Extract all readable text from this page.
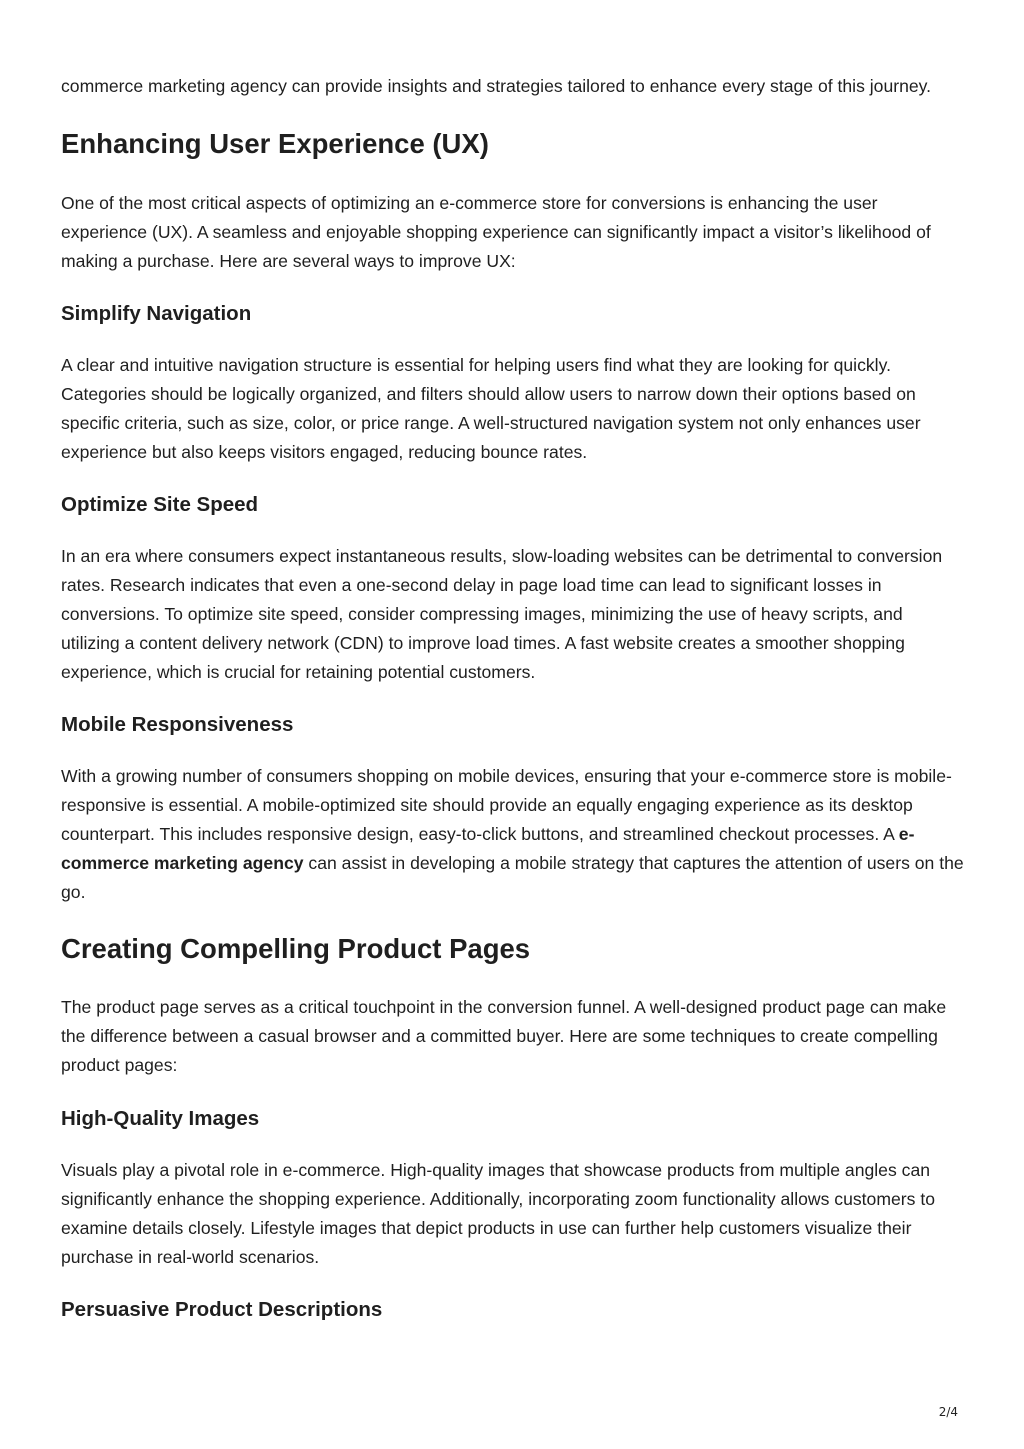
commerce marketing agency can provide insights and strategies tailored to enhance every stage of this journey.

Enhancing User Experience (UX)

One of the most critical aspects of optimizing an e-commerce store for conversions is enhancing the user experience (UX). A seamless and enjoyable shopping experience can significantly impact a visitor’s likelihood of making a purchase. Here are several ways to improve UX:

Simplify Navigation

A clear and intuitive navigation structure is essential for helping users find what they are looking for quickly. Categories should be logically organized, and filters should allow users to narrow down their options based on specific criteria, such as size, color, or price range. A well-structured navigation system not only enhances user experience but also keeps visitors engaged, reducing bounce rates.

Optimize Site Speed

In an era where consumers expect instantaneous results, slow-loading websites can be detrimental to conversion rates. Research indicates that even a one-second delay in page load time can lead to significant losses in conversions. To optimize site speed, consider compressing images, minimizing the use of heavy scripts, and utilizing a content delivery network (CDN) to improve load times. A fast website creates a smoother shopping experience, which is crucial for retaining potential customers.

Mobile Responsiveness

With a growing number of consumers shopping on mobile devices, ensuring that your e-commerce store is mobile-responsive is essential. A mobile-optimized site should provide an equally engaging experience as its desktop counterpart. This includes responsive design, easy-to-click buttons, and streamlined checkout processes. A e-commerce marketing agency can assist in developing a mobile strategy that captures the attention of users on the go.

Creating Compelling Product Pages

The product page serves as a critical touchpoint in the conversion funnel. A well-designed product page can make the difference between a casual browser and a committed buyer. Here are some techniques to create compelling product pages:

High-Quality Images

Visuals play a pivotal role in e-commerce. High-quality images that showcase products from multiple angles can significantly enhance the shopping experience. Additionally, incorporating zoom functionality allows customers to examine details closely. Lifestyle images that depict products in use can further help customers visualize their purchase in real-world scenarios.

Persuasive Product Descriptions
2/4
